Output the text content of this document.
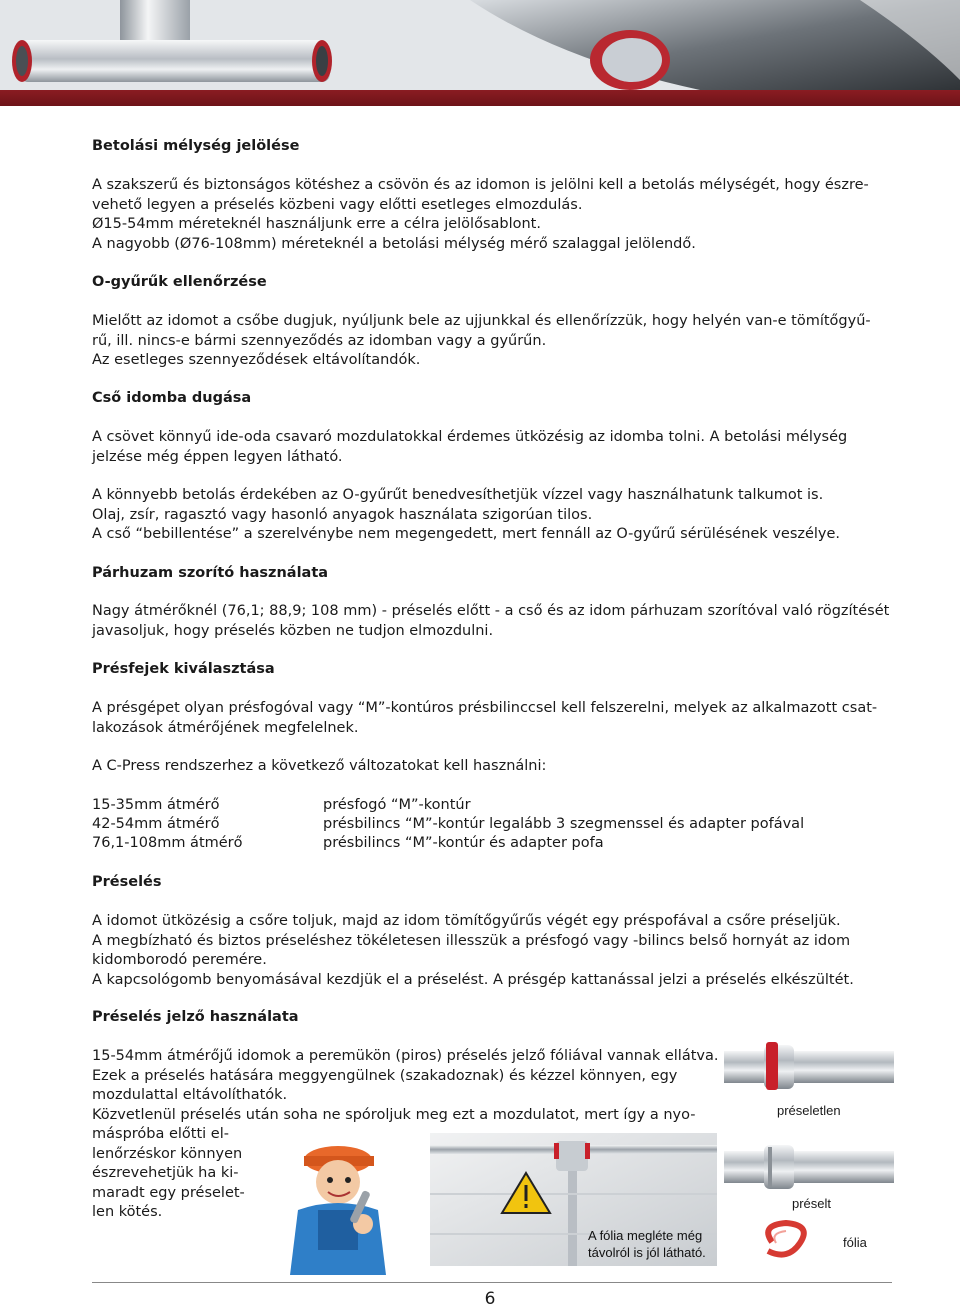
Betolási mélység jelölése
A szakszerű és biztonságos kötéshez a csövön és az idomon is jelölni kell a betolás mélységét, hogy észre-
vehető legyen a préselés közbeni vagy előtti esetleges elmozdulás.
Ø15-54mm méreteknél használjunk erre a célra jelölősablont.
A nagyobb (Ø76-108mm) méreteknél a betolási mélység mérő szalaggal jelölendő.
O-gyűrűk ellenőrzése
Mielőtt az idomot a csőbe dugjuk, nyúljunk bele az ujjunkkal és ellenőrízzük, hogy helyén van-e tömítőgyű-
rű, ill. nincs-e bármi szennyeződés az idomban vagy a gyűrűn.
Az esetleges szennyeződések eltávolítandók.
Cső idomba dugása
A csövet könnyű ide-oda csavaró mozdulatokkal érdemes ütközésig az idomba tolni. A betolási mélység
jelzése még éppen legyen látható.
A könnyebb betolás érdekében az O-gyűrűt benedvesíthetjük vízzel vagy használhatunk talkumot is.
Olaj, zsír, ragasztó vagy hasonló anyagok használata szigorúan tilos.
A cső “bebillentése” a szerelvénybe nem megengedett, mert fennáll az O-gyűrű sérülésének veszélye.
Párhuzam szorító használata
Nagy átmérőknél (76,1; 88,9; 108 mm) - préselés előtt - a cső és az idom párhuzam szorítóval való rögzítését
javasoljuk, hogy préselés közben ne tudjon elmozdulni.
Présfejek kiválasztása
A présgépet olyan présfogóval vagy “M”-kontúros présbilinccsel kell felszerelni, melyek az alkalmazott csat-
lakozások átmérőjének megfelelnek.
A C-Press rendszerhez a következő változatokat kell használni:
15-35mm átmérő	présfogó “M”-kontúr
42-54mm átmérő	présbilincs “M”-kontúr legalább 3 szegmenssel és adapter pofával
76,1-108mm átmérő	présbilincs “M”-kontúr és adapter pofa
Préselés
A idomot ütközésig a csőre toljuk, majd az idom tömítőgyűrűs végét egy préspofával a csőre préseljük.
A megbízható és biztos préseléshez tökéletesen illesszük a présfogó vagy -bilincs belső hornyát az idom
kidomborodó peremére.
A kapcsológomb benyomásával kezdjük el a préselést. A présgép kattanással jelzi a préselés elkészültét.
Préselés jelző használata
15-54mm átmérőjű idomok a peremükön (piros) préselés jelző fóliával vannak ellátva.
Ezek a préselés hatására meggyengülnek (szakadoznak) és kézzel könnyen, egy
mozdulattal eltávolíthatók.
Közvetlenül préselés után soha ne spóroljuk meg ezt a mozdulatot, mert így a nyo-
máspróba előtti el-
lenőrzéskor könnyen
észrevehetjük ha ki-
maradt egy préselet-
len kötés.
A fólia megléte még
távolról is jól látható.
préseletlen
préselt
fólia
6
